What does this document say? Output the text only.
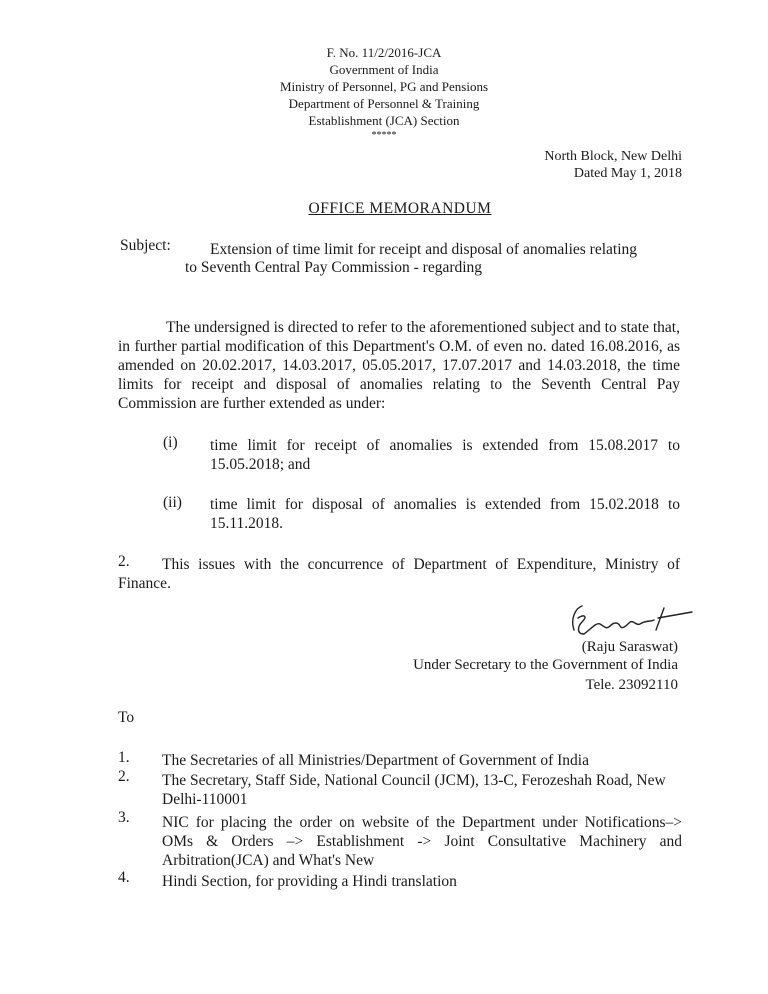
F. No. 11/2/2016-JCA
Government of India
Ministry of Personnel, PG and Pensions
Department of Personnel & Training
Establishment (JCA) Section
*****
North Block, New Delhi
Dated May 1, 2018
OFFICE MEMORANDUM
Subject:	Extension of time limit for receipt and disposal of anomalies relating
to Seventh Central Pay Commission - regarding
The undersigned is directed to refer to the aforementioned subject and to state that, in further partial modification of this Department's O.M. of even no. dated 16.08.2016, as amended on 20.02.2017, 14.03.2017, 05.05.2017, 17.07.2017 and 14.03.2018, the time limits for receipt and disposal of anomalies relating to the Seventh Central Pay Commission are further extended as under:
(i) time limit for receipt of anomalies is extended from 15.08.2017 to 15.05.2018; and
(ii) time limit for disposal of anomalies is extended from 15.02.2018 to 15.11.2018.
2.	This issues with the concurrence of Department of Expenditure, Ministry of Finance.
(Raju Saraswat)
Under Secretary to the Government of India
Tele. 23092110
To
1. The Secretaries of all Ministries/Department of Government of India
2. The Secretary, Staff Side, National Council (JCM), 13-C, Ferozeshah Road, New Delhi-110001
3. NIC for placing the order on website of the Department under Notifications–> OMs & Orders –> Establishment -> Joint Consultative Machinery and Arbitration(JCA) and What's New
4. Hindi Section, for providing a Hindi translation
